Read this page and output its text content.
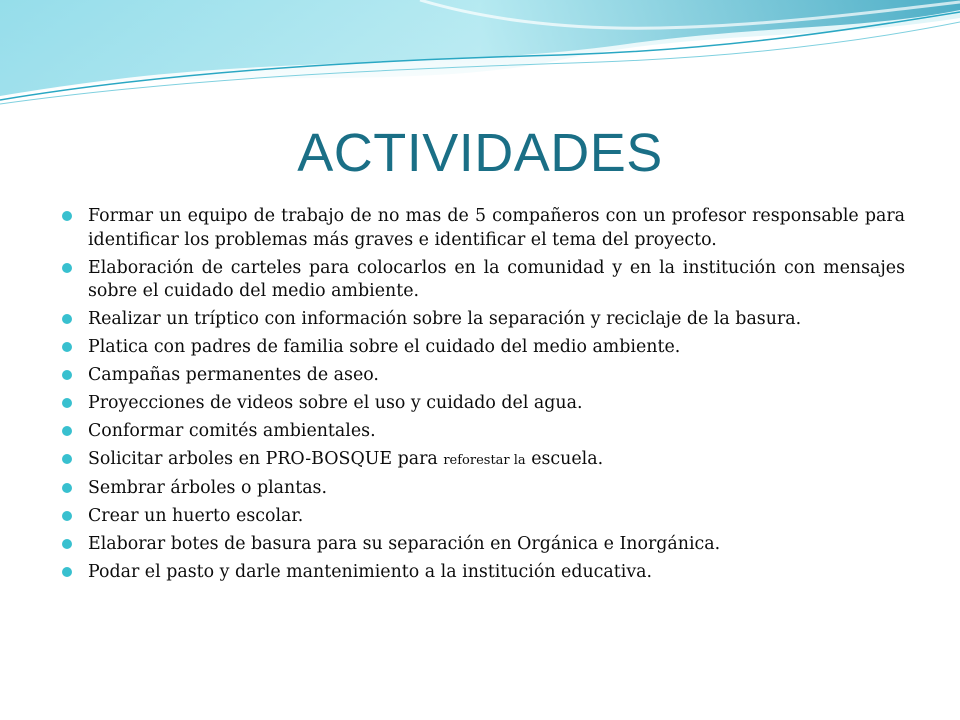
ACTIVIDADES
Formar un equipo de trabajo de no mas de 5 compañeros con un profesor responsable para identificar los problemas más graves e identificar el tema del proyecto.
Elaboración de carteles para colocarlos en la comunidad y en la institución con mensajes sobre el cuidado del medio ambiente.
Realizar un tríptico con información sobre la separación y reciclaje de la basura.
Platica con padres de familia sobre el cuidado del medio ambiente.
Campañas permanentes de aseo.
Proyecciones de videos sobre el uso y cuidado del agua.
Conformar comités ambientales.
Solicitar arboles en PRO-BOSQUE para reforestar la escuela.
Sembrar árboles o plantas.
Crear un huerto escolar.
Elaborar botes de basura para su separación en Orgánica e Inorgánica.
Podar el pasto y darle mantenimiento a la institución educativa.
